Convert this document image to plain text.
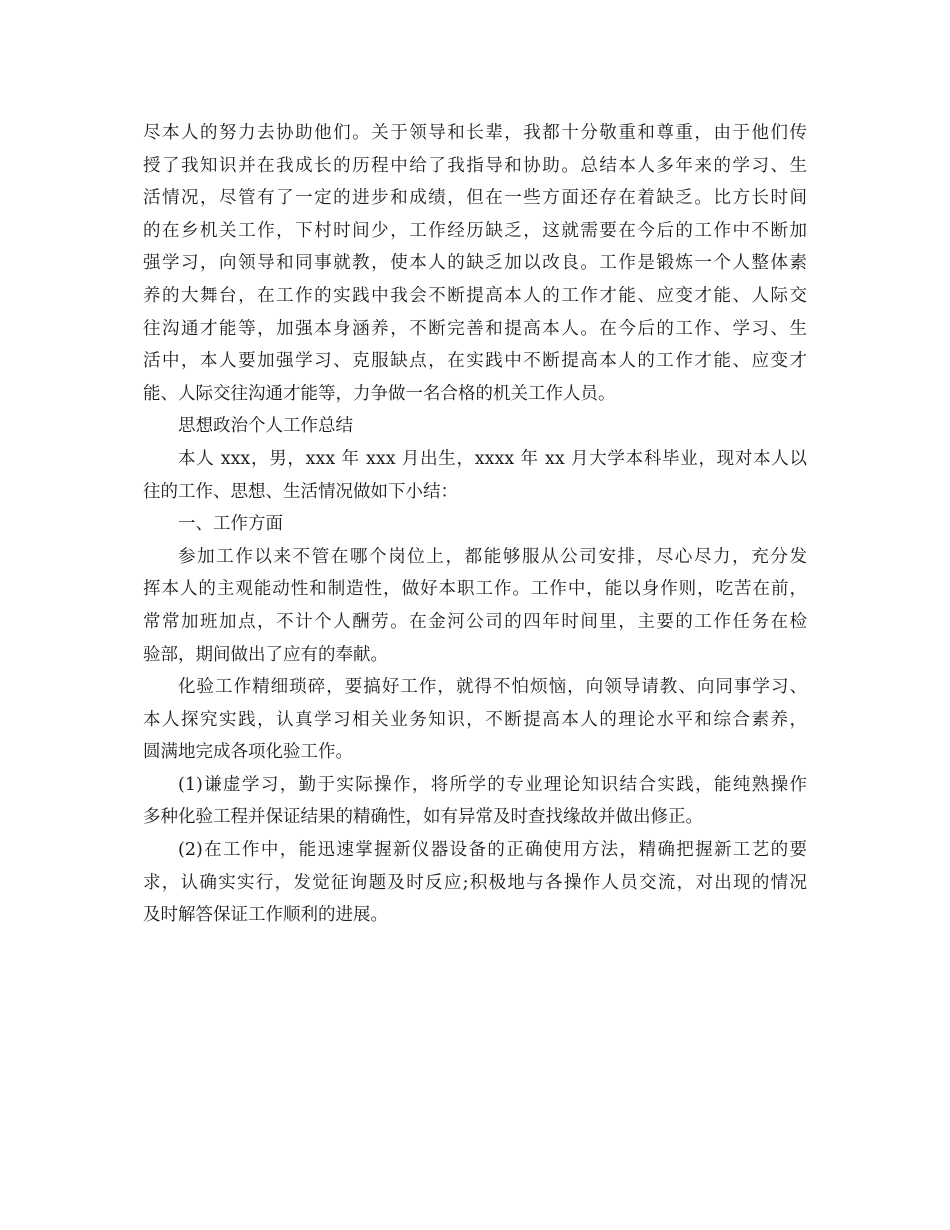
尽本人的努力去协助他们。关于领导和长辈，我都十分敬重和尊重，由于他们传
授了我知识并在我成长的历程中给了我指导和协助。总结本人多年来的学习、生
活情况，尽管有了一定的进步和成绩，但在一些方面还存在着缺乏。比方长时间
的在乡机关工作，下村时间少，工作经历缺乏，这就需要在今后的工作中不断加
强学习，向领导和同事就教，使本人的缺乏加以改良。工作是锻炼一个人整体素
养的大舞台，在工作的实践中我会不断提高本人的工作才能、应变才能、人际交
往沟通才能等，加强本身涵养，不断完善和提高本人。在今后的工作、学习、生
活中，本人要加强学习、克服缺点，在实践中不断提高本人的工作才能、应变才
能、人际交往沟通才能等，力争做一名合格的机关工作人员。
思想政治个人工作总结
本人 xxx，男，xxx 年 xxx 月出生，xxxx 年 xx 月大学本科毕业，现对本人以
往的工作、思想、生活情况做如下小结：
一、工作方面
参加工作以来不管在哪个岗位上，都能够服从公司安排，尽心尽力，充分发
挥本人的主观能动性和制造性，做好本职工作。工作中，能以身作则，吃苦在前，
常常加班加点，不计个人酬劳。在金河公司的四年时间里，主要的工作任务在检
验部，期间做出了应有的奉献。
化验工作精细琐碎，要搞好工作，就得不怕烦恼，向领导请教、向同事学习、
本人探究实践，认真学习相关业务知识，不断提高本人的理论水平和综合素养，
圆满地完成各项化验工作。
(1)谦虚学习，勤于实际操作，将所学的专业理论知识结合实践，能纯熟操作
多种化验工程并保证结果的精确性，如有异常及时查找缘故并做出修正。
(2)在工作中，能迅速掌握新仪器设备的正确使用方法，精确把握新工艺的要
求，认确实实行，发觉征询题及时反应;积极地与各操作人员交流，对出现的情况
及时解答保证工作顺利的进展。
